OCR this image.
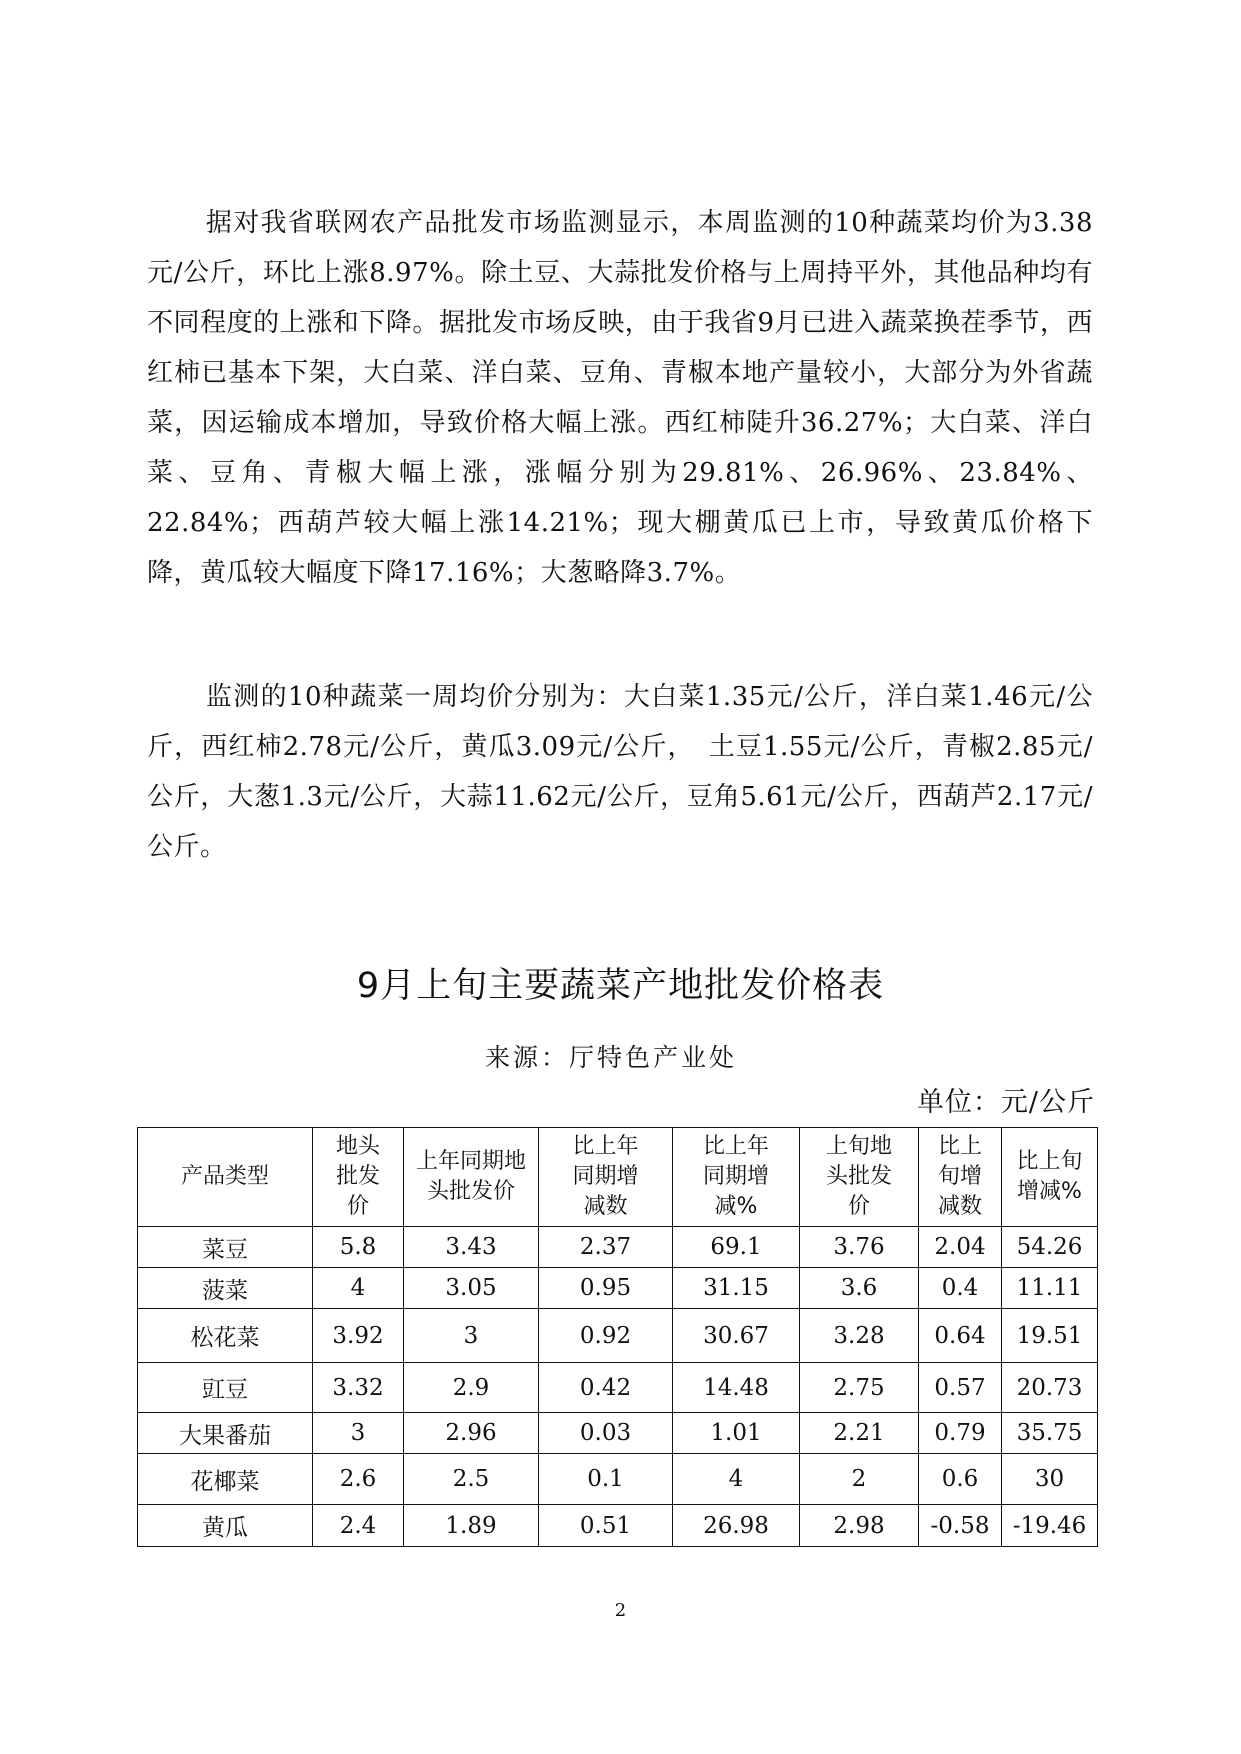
据对我省联网农产品批发市场监测显示，本周监测的10种蔬菜均价为3.38元/公斤，环比上涨8.97%。除土豆、大蒜批发价格与上周持平外，其他品种均有不同程度的上涨和下降。据批发市场反映，由于我省9月已进入蔬菜换茬季节，西红柿已基本下架，大白菜、洋白菜、豆角、青椒本地产量较小，大部分为外省蔬菜，因运输成本增加，导致价格大幅上涨。西红柿陡升36.27%；大白菜、洋白菜、豆角、青椒大幅上涨，涨幅分别为29.81%、26.96%、23.84%、22.84%；西葫芦较大幅上涨14.21%；现大棚黄瓜已上市，导致黄瓜价格下降，黄瓜较大幅度下降17.16%；大葱略降3.7%。
监测的10种蔬菜一周均价分别为：大白菜1.35元/公斤，洋白菜1.46元/公斤，西红柿2.78元/公斤，黄瓜3.09元/公斤，　土豆1.55元/公斤，青椒2.85元/公斤，大葱1.3元/公斤，大蒜11.62元/公斤，豆角5.61元/公斤，西葫芦2.17元/公斤。
9月上旬主要蔬菜产地批发价格表
来源：厅特色产业处
单位：元/公斤
产品类型	地头批发价	上年同期地头批发价	比上年同期增减数	比上年同期增减%	上旬地头批发价	比上旬增减数	比上旬增减%
菜豆	5.8	3.43	2.37	69.1	3.76	2.04	54.26
菠菜	4	3.05	0.95	31.15	3.6	0.4	11.11
松花菜	3.92	3	0.92	30.67	3.28	0.64	19.51
豇豆	3.32	2.9	0.42	14.48	2.75	0.57	20.73
大果番茄	3	2.96	0.03	1.01	2.21	0.79	35.75
花椰菜	2.6	2.5	0.1	4	2	0.6	30
黄瓜	2.4	1.89	0.51	26.98	2.98	-0.58	-19.46
2
